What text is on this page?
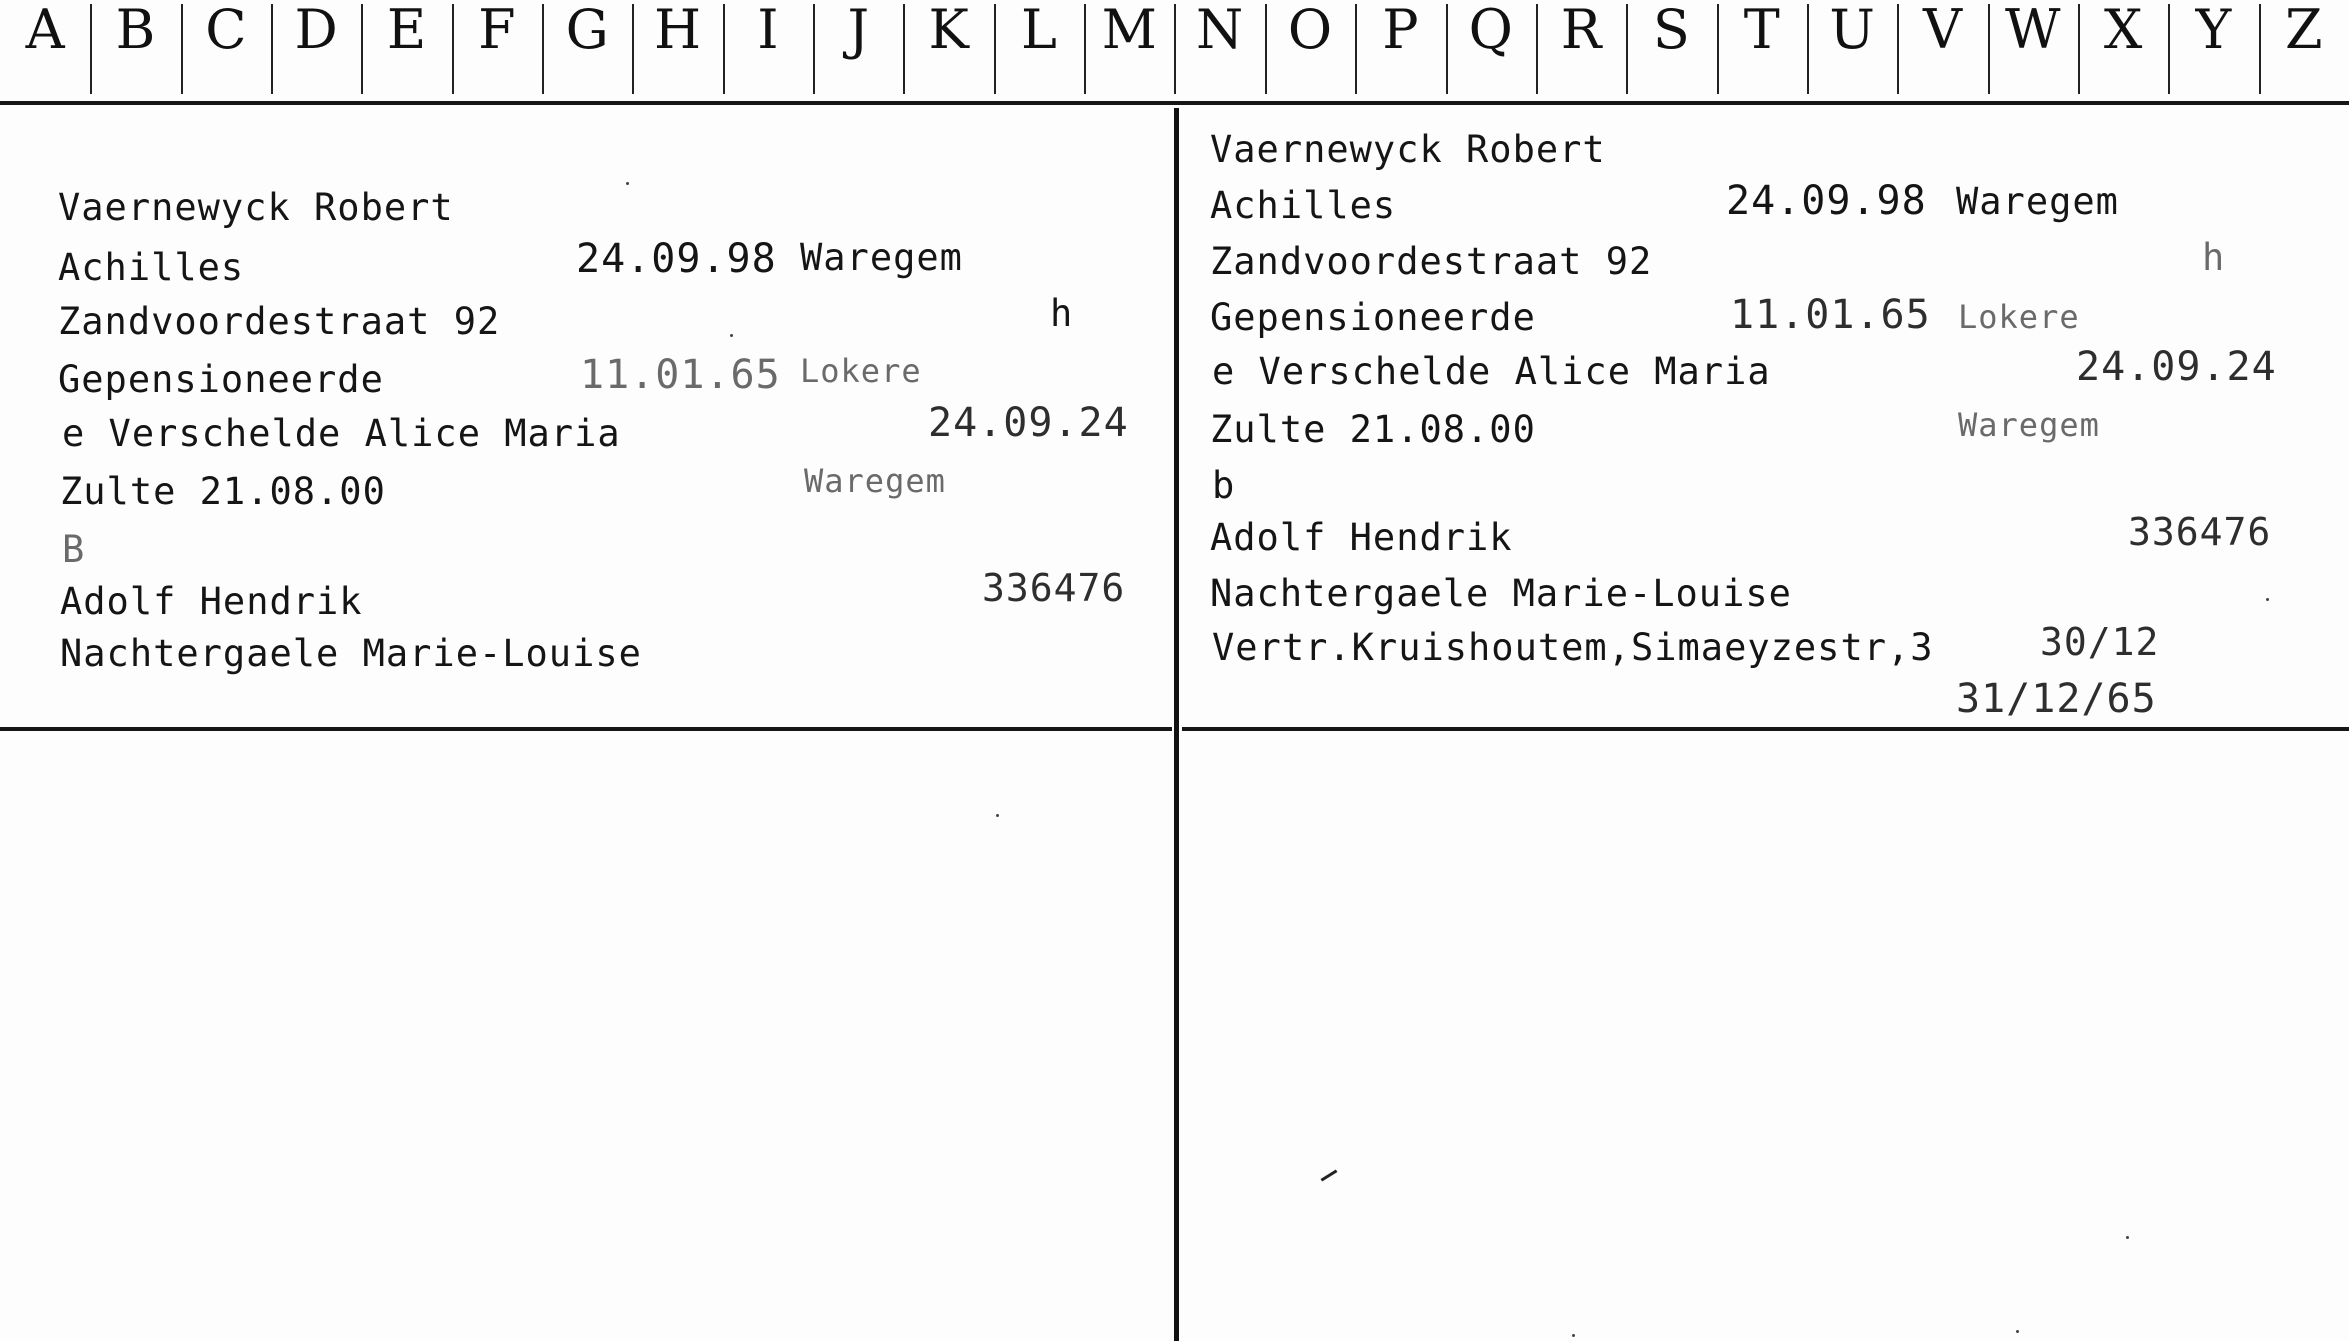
A B C D E F G H	I	J	K L M N O P Q R S T U V W X Y Z
Vaernewyck Robert
Achilles	24.09.98 Waregem
Zandvoordestraat 92	h
Gepensioneerde	11.01.65 Lokere
e Verschelde Alice Maria	24.09.24
Zulte 21.08.00	Waregem
B
Adolf Hendrik	336476
Nachtergaele Marie-Louise
Vaernewyck Robert
Achilles	24.09.98 Waregem
Zandvoordestraat 92	h
Gepensioneerde	11.01.65 Lokere
e Verschelde Alice Maria	24.09.24
Zulte 21.08.00	Waregem
b
Adolf Hendrik	336476
Nachtergaele Marie-Louise
Vertr.Kruishoutem,Simaeyzestr,3	30/12
31/12/65
